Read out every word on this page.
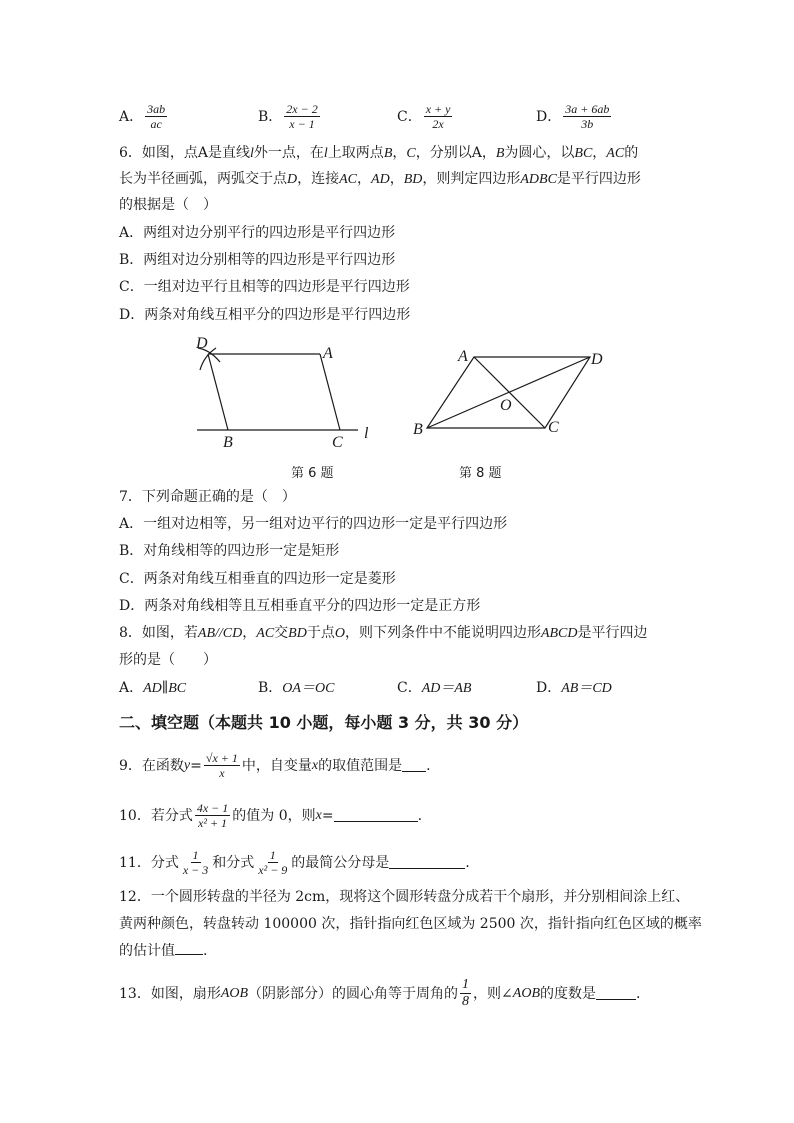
A． $\frac{3ab}{ac}$	B． $\frac{2x - 2}{x - 1}$	C． $\frac{x + y}{2x}$	D． $\frac{3a + 6ab}{3b}$
6．如图，点A是直线l外一点，在l上取两点B，C，分别以A，B为圆心，以BC，AC的
长为半径画弧，两弧交于点D，连接AC，AD，BD，则判定四边形ADBC是平行四边形
的根据是（　）
A．两组对边分别平行的四边形是平行四边形
B．两组对边分别相等的四边形是平行四边形
C．一组对边平行且相等的四边形是平行四边形
D．两条对角线互相平分的四边形是平行四边形
D
A
B	C
l
第 6 题
A	D
O
B	C
第 8 题
7．下列命题正确的是（　）
A．一组对边相等，另一组对边平行的四边形一定是平行四边形
B．对角线相等的四边形一定是矩形
C．两条对角线互相垂直的四边形一定是菱形
D．两条对角线相等且互相垂直平分的四边形一定是正方形
8．如图，若AB//CD，AC交BD于点O，则下列条件中不能说明四边形ABCD是平行四边
形的是（　　）
A．AD∥BC	B．OA＝OC	C．AD＝AB	D．AB＝CD
二、填空题（本题共 10 小题，每小题 3 分，共 30 分）
9．在函数 $y = \frac{√x + 1}{x}$ 中，自变量 x 的取值范围是 .
10．若分式 $\frac{4x - 1}{\text{x² + 1}}$ 的值为 0，则 x =	.
11．分式 $\frac{1}{x - 3}$ 和分式 $\frac{1}{\text{x² − 9}}$ 的最简公分母是	.
12．一个圆形转盘的半径为 2cm，现将这个圆形转盘分成若干个扇形，并分别相间涂上红、
黄两种颜色，转盘转动 100000 次，指针指向红色区域为 2500 次，指针指向红色区域的概率
的估计值 .
13．如图，扇形 AOB （阴影部分）的圆心角等于周角的 $\frac{1}{8}$ ，则∠ AOB 的度数是	.
